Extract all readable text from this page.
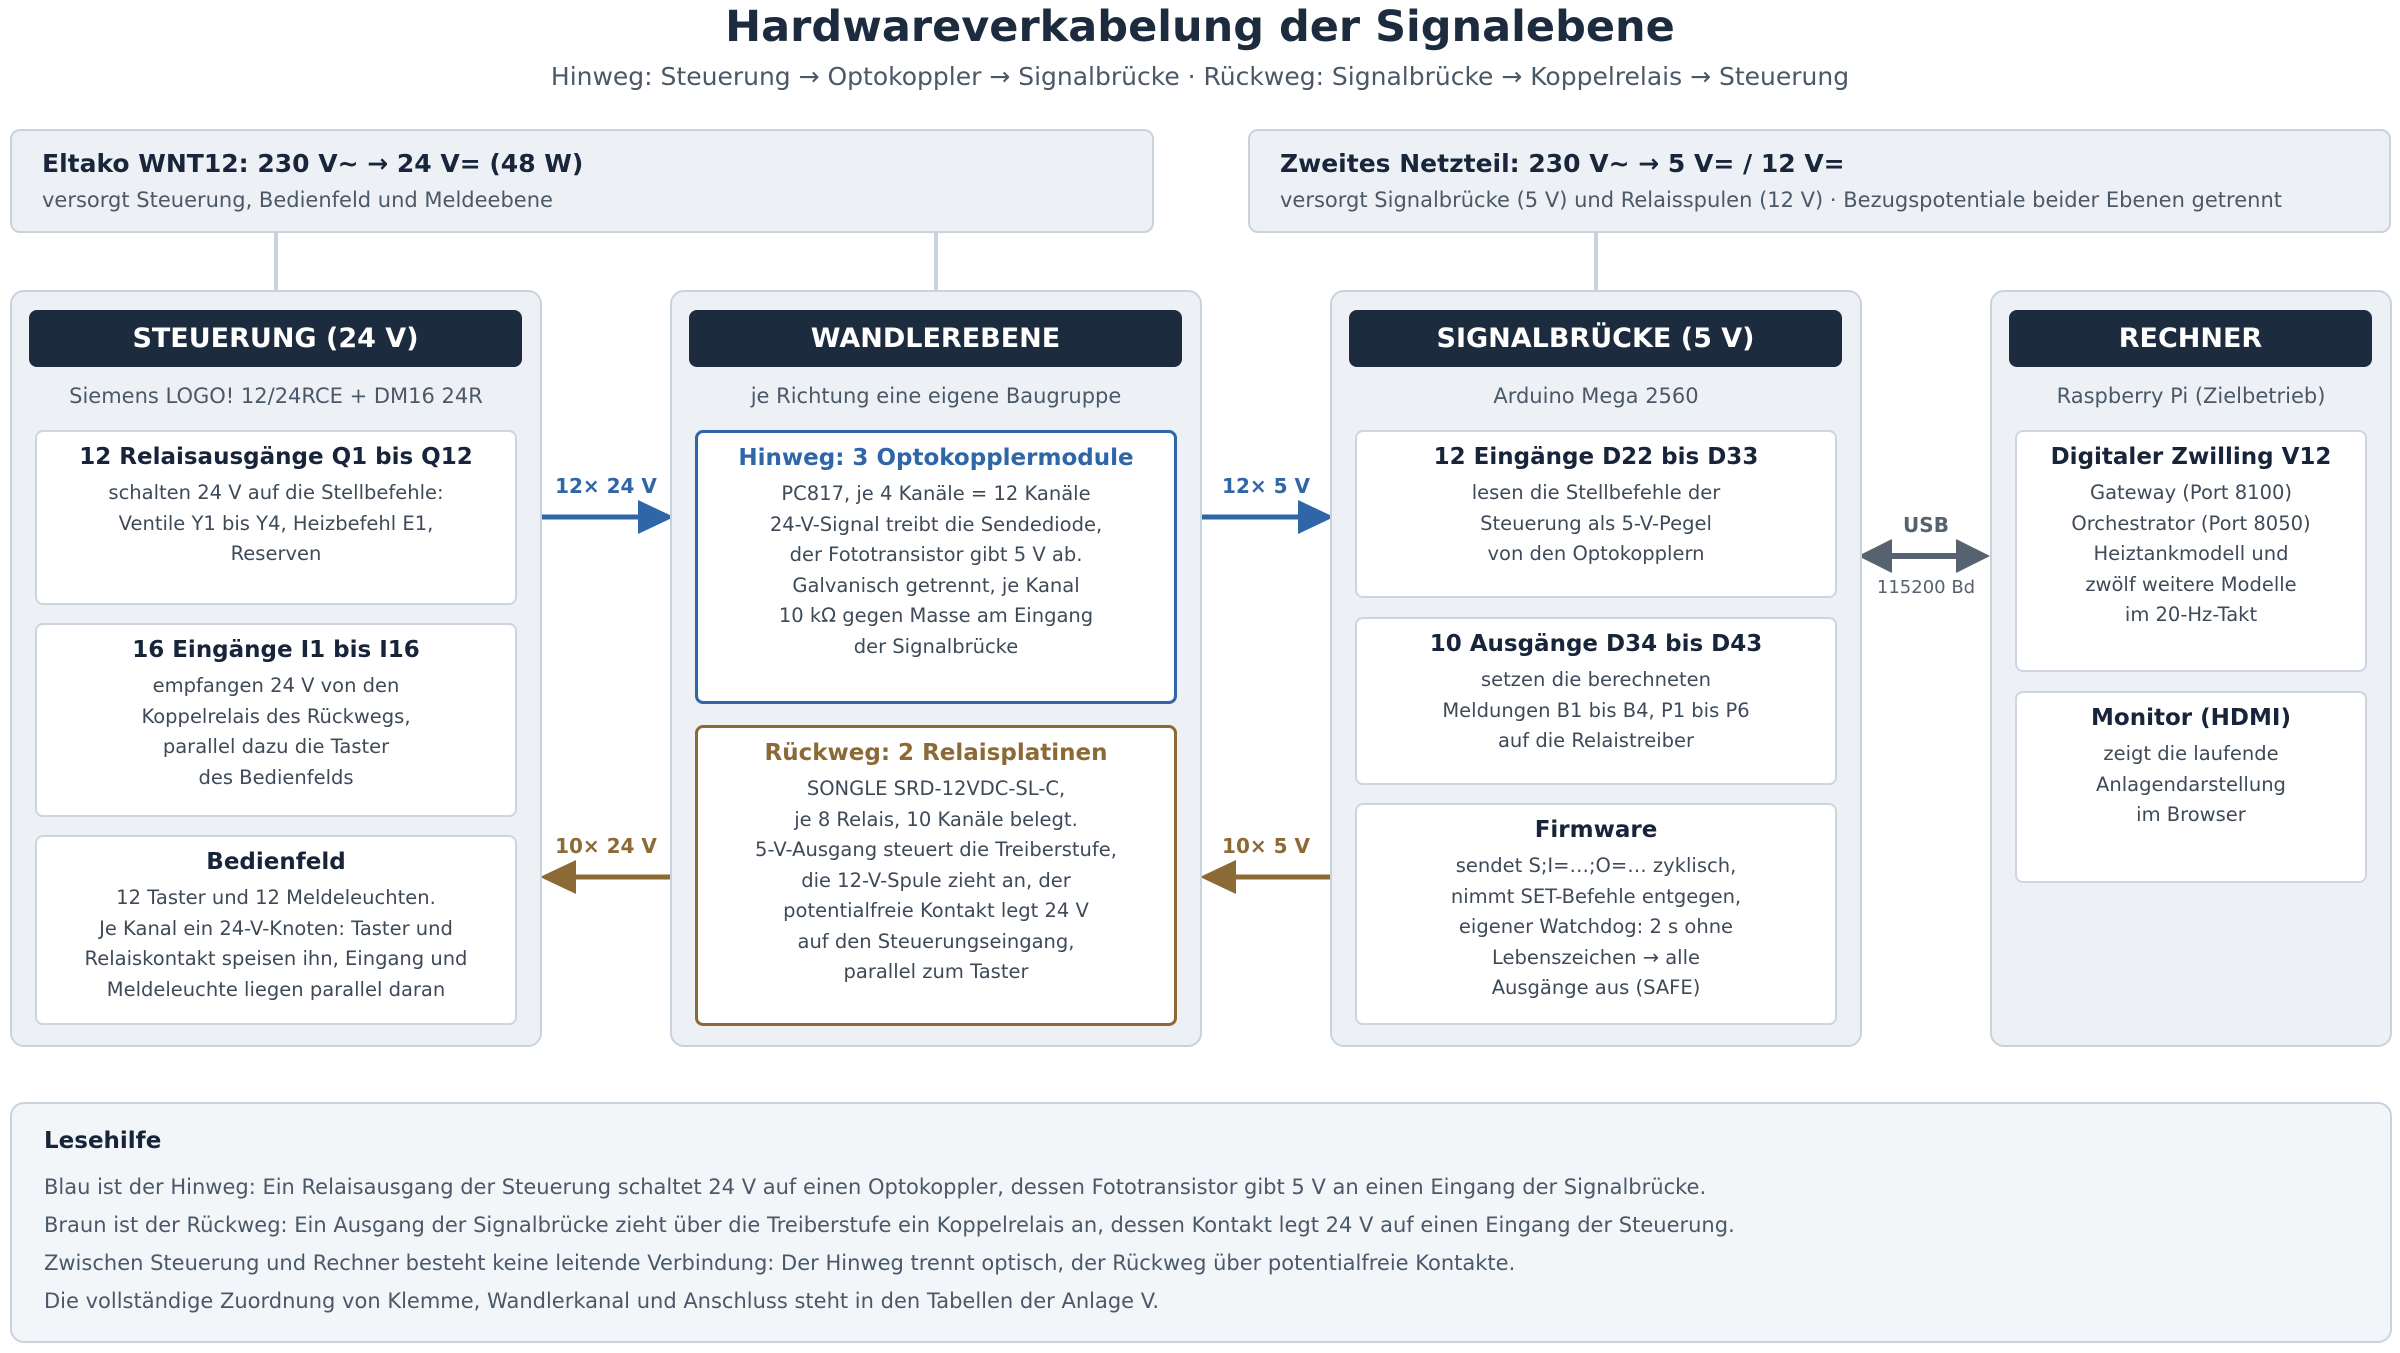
Hardwareverkabelung der Signalebene
Hinweg: Steuerung → Optokoppler → Signalbrücke · Rückweg: Signalbrücke → Koppelrelais → Steuerung
Eltako WNT12: 230 V~ → 24 V= (48 W)
versorgt Steuerung, Bedienfeld und Meldeebene
Zweites Netzteil: 230 V~ → 5 V= / 12 V=
versorgt Signalbrücke (5 V) und Relaisspulen (12 V) · Bezugspotentiale beider Ebenen getrennt
STEUERUNG (24 V)
Siemens LOGO! 12/24RCE + DM16 24R
12 Relaisausgänge Q1 bis Q12
schalten 24 V auf die Stellbefehle:
Ventile Y1 bis Y4, Heizbefehl E1,
Reserven
16 Eingänge I1 bis I16
empfangen 24 V von den
Koppelrelais des Rückwegs,
parallel dazu die Taster
des Bedienfelds
Bedienfeld
12 Taster und 12 Meldeleuchten.
Je Kanal ein 24-V-Knoten: Taster und
Relaiskontakt speisen ihn, Eingang und
Meldeleuchte liegen parallel daran
WANDLEREBENE
je Richtung eine eigene Baugruppe
Hinweg: 3 Optokopplermodule
PC817, je 4 Kanäle = 12 Kanäle
24-V-Signal treibt die Sendediode,
der Fototransistor gibt 5 V ab.
Galvanisch getrennt, je Kanal
10 kΩ gegen Masse am Eingang
der Signalbrücke
Rückweg: 2 Relaisplatinen
SONGLE SRD-12VDC-SL-C,
je 8 Relais, 10 Kanäle belegt.
5-V-Ausgang steuert die Treiberstufe,
die 12-V-Spule zieht an, der
potentialfreie Kontakt legt 24 V
auf den Steuerungseingang,
parallel zum Taster
SIGNALBRÜCKE (5 V)
Arduino Mega 2560
12 Eingänge D22 bis D33
lesen die Stellbefehle der
Steuerung als 5-V-Pegel
von den Optokopplern
10 Ausgänge D34 bis D43
setzen die berechneten
Meldungen B1 bis B4, P1 bis P6
auf die Relaistreiber
Firmware
sendet S;I=…;O=… zyklisch,
nimmt SET-Befehle entgegen,
eigener Watchdog: 2 s ohne
Lebenszeichen → alle
Ausgänge aus (SAFE)
RECHNER
Raspberry Pi (Zielbetrieb)
Digitaler Zwilling V12
Gateway (Port 8100)
Orchestrator (Port 8050)
Heiztankmodell und
zwölf weitere Modelle
im 20-Hz-Takt
Monitor (HDMI)
zeigt die laufende
Anlagendarstellung
im Browser
12× 24 V	12× 5 V
10× 24 V	10× 5 V
USB
115200 Bd
Lesehilfe
Blau ist der Hinweg: Ein Relaisausgang der Steuerung schaltet 24 V auf einen Optokoppler, dessen Fototransistor gibt 5 V an einen Eingang der Signalbrücke.
Braun ist der Rückweg: Ein Ausgang der Signalbrücke zieht über die Treiberstufe ein Koppelrelais an, dessen Kontakt legt 24 V auf einen Eingang der Steuerung.
Zwischen Steuerung und Rechner besteht keine leitende Verbindung: Der Hinweg trennt optisch, der Rückweg über potentialfreie Kontakte.
Die vollständige Zuordnung von Klemme, Wandlerkanal und Anschluss steht in den Tabellen der Anlage V.
